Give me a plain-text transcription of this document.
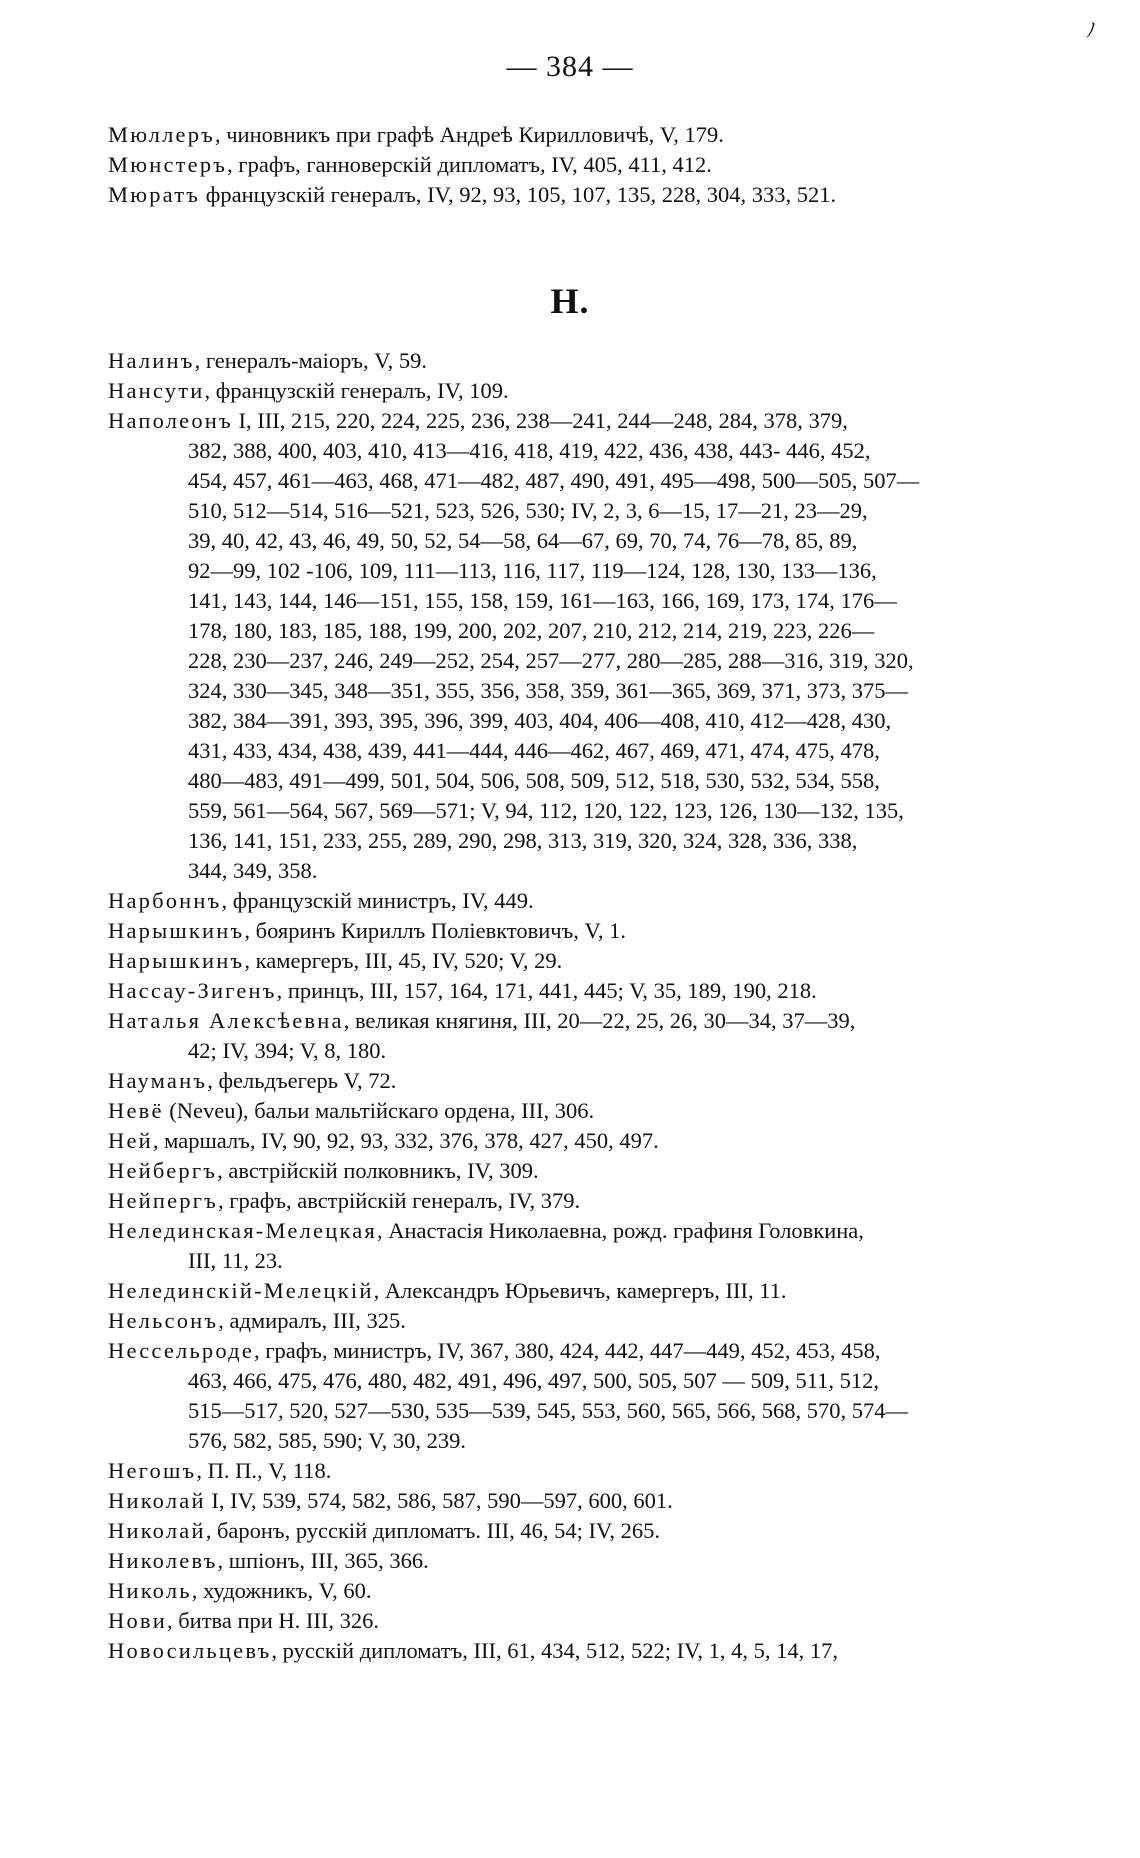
ﾉ
— 384 —
Мюллеръ, чиновникъ при графѣ Андреѣ Кирилловичѣ, V, 179.
Мюнстеръ, графъ, ганноверскій дипломатъ, IV, 405, 411, 412.
Мюратъ французскій генералъ, IV, 92, 93, 105, 107, 135, 228, 304, 333, 521.
Н.
Налинъ, генералъ-маіоръ, V, 59.
Нансути, французскій генералъ, IV, 109.
Наполеонъ I, III, 215, 220, 224, 225, 236, 238—241, 244—248, 284, 378, 379,
382, 388, 400, 403, 410, 413—416, 418, 419, 422, 436, 438, 443- 446, 452,
454, 457, 461—463, 468, 471—482, 487, 490, 491, 495—498, 500—505, 507—
510, 512—514, 516—521, 523, 526, 530; IV, 2, 3, 6—15, 17—21, 23—29,
39, 40, 42, 43, 46, 49, 50, 52, 54—58, 64—67, 69, 70, 74, 76—78, 85, 89,
92—99, 102 -106, 109, 111—113, 116, 117, 119—124, 128, 130, 133—136,
141, 143, 144, 146—151, 155, 158, 159, 161—163, 166, 169, 173, 174, 176—
178, 180, 183, 185, 188, 199, 200, 202, 207, 210, 212, 214, 219, 223, 226—
228, 230—237, 246, 249—252, 254, 257—277, 280—285, 288—316, 319, 320,
324, 330—345, 348—351, 355, 356, 358, 359, 361—365, 369, 371, 373, 375—
382, 384—391, 393, 395, 396, 399, 403, 404, 406—408, 410, 412—428, 430,
431, 433, 434, 438, 439, 441—444, 446—462, 467, 469, 471, 474, 475, 478,
480—483, 491—499, 501, 504, 506, 508, 509, 512, 518, 530, 532, 534, 558,
559, 561—564, 567, 569—571; V, 94, 112, 120, 122, 123, 126, 130—132, 135,
136, 141, 151, 233, 255, 289, 290, 298, 313, 319, 320, 324, 328, 336, 338,
344, 349, 358.
Нарбоннъ, французскій министръ, IV, 449.
Нарышкинъ, бояринъ Кириллъ Поліевктовичъ, V, 1.
Нарышкинъ, камергеръ, III, 45, IV, 520; V, 29.
Нассау-Зигенъ, принцъ, III, 157, 164, 171, 441, 445; V, 35, 189, 190, 218.
Наталья Алексѣевна, великая княгиня, III, 20—22, 25, 26, 30—34, 37—39,
42; IV, 394; V, 8, 180.
Науманъ, фельдъегерь V, 72.
Невё (Neveu), бальи мальтійскаго ордена, III, 306.
Ней, маршалъ, IV, 90, 92, 93, 332, 376, 378, 427, 450, 497.
Нейбергъ, австрійскій полковникъ, IV, 309.
Нейпергъ, графъ, австрійскій генералъ, IV, 379.
Нелединская-Мелецкая, Анастасія Николаевна, рожд. графиня Головкина,
III, 11, 23.
Нелединскій-Мелецкій, Александръ Юрьевичъ, камергеръ, III, 11.
Нельсонъ, адмиралъ, III, 325.
Нессельроде, графъ, министръ, IV, 367, 380, 424, 442, 447—449, 452, 453, 458,
463, 466, 475, 476, 480, 482, 491, 496, 497, 500, 505, 507 — 509, 511, 512,
515—517, 520, 527—530, 535—539, 545, 553, 560, 565, 566, 568, 570, 574—
576, 582, 585, 590; V, 30, 239.
Негошъ, П. П., V, 118.
Николай I, IV, 539, 574, 582, 586, 587, 590—597, 600, 601.
Николай, баронъ, русскій дипломатъ. III, 46, 54; IV, 265.
Николевъ, шпіонъ, III, 365, 366.
Николь, художникъ, V, 60.
Нови, битва при Н. III, 326.
Новосильцевъ, русскій дипломатъ, III, 61, 434, 512, 522; IV, 1, 4, 5, 14, 17,
